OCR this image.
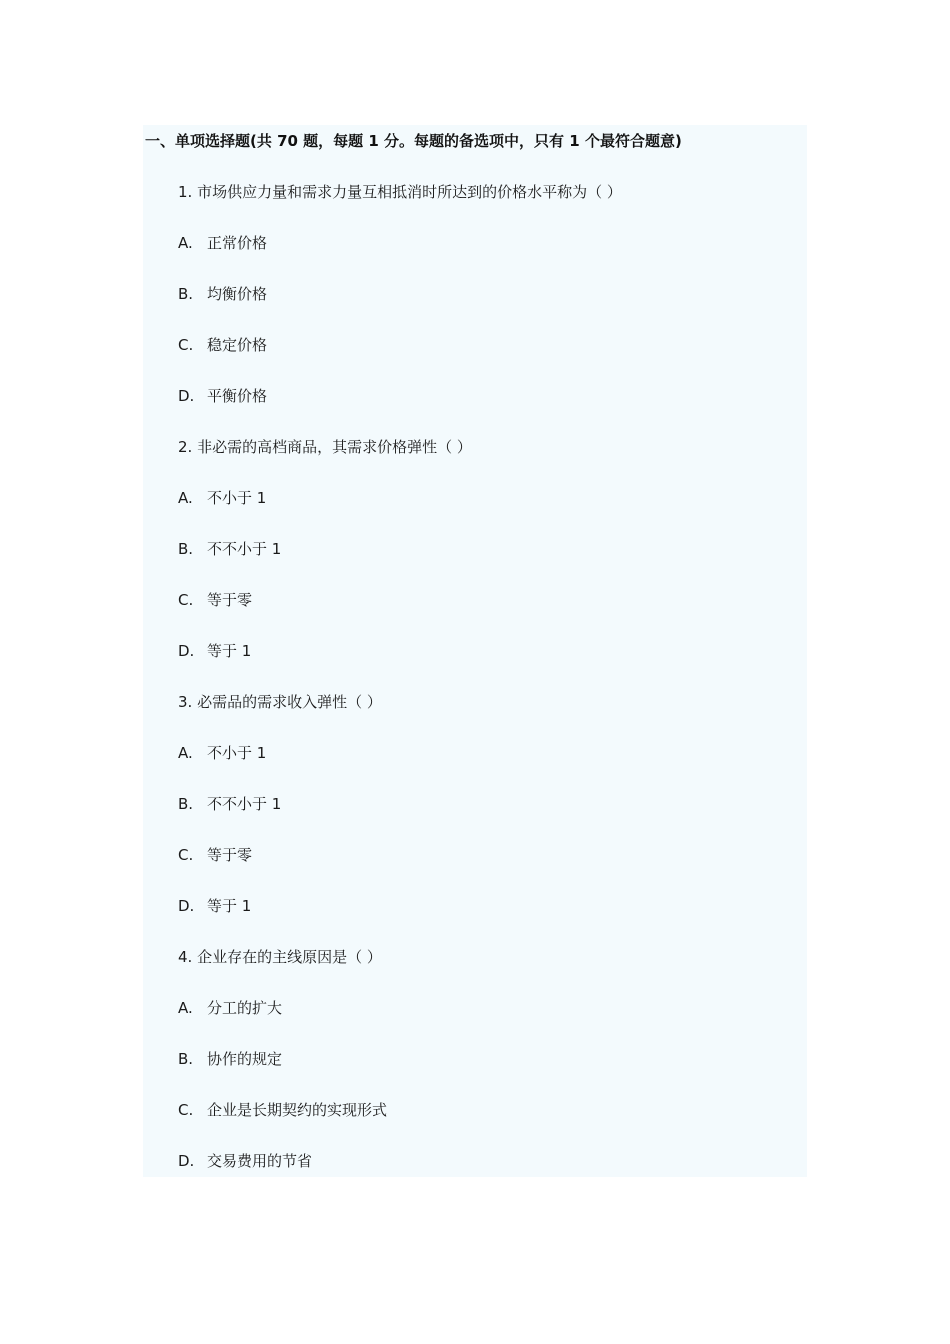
一、单项选择题(共 70 题，每题 1 分。每题的备选项中，只有 1 个最符合题意)
1. 市场供应力量和需求力量互相抵消时所达到的价格水平称为（ ）
A. 正常价格
B. 均衡价格
C. 稳定价格
D. 平衡价格
2. 非必需的高档商品，其需求价格弹性（ ）
A. 不小于 1
B. 不不小于 1
C. 等于零
D. 等于 1
3. 必需品的需求收入弹性（ ）
A. 不小于 1
B. 不不小于 1
C. 等于零
D. 等于 1
4. 企业存在的主线原因是（ ）
A. 分工的扩大
B. 协作的规定
C. 企业是长期契约的实现形式
D. 交易费用的节省
